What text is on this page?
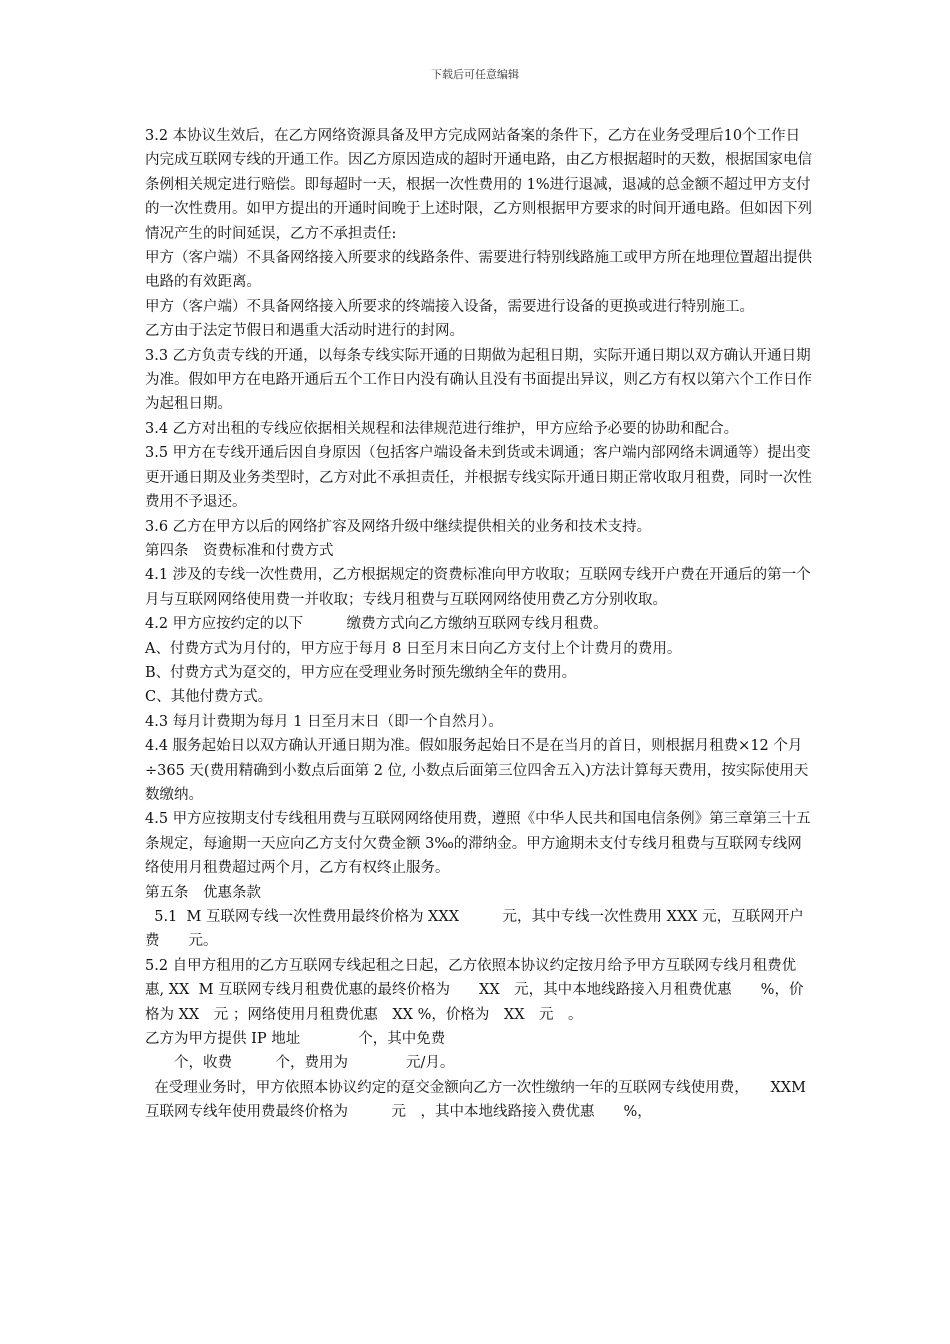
下载后可任意编辑

3.2 本协议生效后，在乙方网络资源具备及甲方完成网站备案的条件下，乙方在业务受理后10个工作日内完成互联网专线的开通工作。因乙方原因造成的超时开通电路，由乙方根据超时的天数，根据国家电信条例相关规定进行赔偿。即每超时一天，根据一次性费用的 1%进行退减，退减的总金额不超过甲方支付的一次性费用。如甲方提出的开通时间晚于上述时限，乙方则根据甲方要求的时间开通电路。但如因下列情况产生的时间延误，乙方不承担责任:

甲方（客户端）不具备网络接入所要求的线路条件、需要进行特别线路施工或甲方所在地理位置超出提供电路的有效距离。

甲方（客户端）不具备网络接入所要求的终端接入设备，需要进行设备的更换或进行特别施工。

乙方由于法定节假日和遇重大活动时进行的封网。

3.3 乙方负责专线的开通，以每条专线实际开通的日期做为起租日期，实际开通日期以双方确认开通日期为准。假如甲方在电路开通后五个工作日内没有确认且没有书面提出异议，则乙方有权以第六个工作日作为起租日期。

3.4 乙方对出租的专线应依据相关规程和法律规范进行维护，甲方应给予必要的协助和配合。

3.5 甲方在专线开通后因自身原因（包括客户端设备未到货或未调通；客户端内部网络未调通等）提出变更开通日期及业务类型时，乙方对此不承担责任，并根据专线实际开通日期正常收取月租费，同时一次性费用不予退还。

3.6 乙方在甲方以后的网络扩容及网络升级中继续提供相关的业务和技术支持。

第四条　资费标准和付费方式

4.1 涉及的专线一次性费用，乙方根据规定的资费标准向甲方收取；互联网专线开户费在开通后的第一个月与互联网网络使用费一并收取；专线月租费与互联网网络使用费乙方分别收取。

4.2 甲方应按约定的以下　　　缴费方式向乙方缴纳互联网专线月租费。

A、付费方式为月付的，甲方应于每月 8 日至月末日向乙方支付上个计费月的费用。

B、付费方式为趸交的，甲方应在受理业务时预先缴纳全年的费用。

C、其他付费方式。

4.3 每月计费期为每月 1 日至月末日（即一个自然月）。

4.4 服务起始日以双方确认开通日期为准。假如服务起始日不是在当月的首日，则根据月租费×12 个月÷365 天(费用精确到小数点后面第 2 位, 小数点后面第三位四舍五入)方法计算每天费用，按实际使用天数缴纳。

4.5 甲方应按期支付专线租用费与互联网网络使用费，遵照《中华人民共和国电信条例》第三章第三十五条规定，每逾期一天应向乙方支付欠费金额 3‰的滞纳金。甲方逾期未支付专线月租费与互联网专线网络使用月租费超过两个月，乙方有权终止服务。

第五条　优惠条款

5.1  M 互联网专线一次性费用最终价格为 XXX　　　元，其中专线一次性费用 XXX 元，互联网开户费　　元。

5.2 自甲方租用的乙方互联网专线起租之日起，乙方依照本协议约定按月给予甲方互联网专线月租费优惠, XX  M 互联网专线月租费优惠的最终价格为　　XX　元，其中本地线路接入月租费优惠　　%，价格为 XX　元 ；网络使用月租费优惠　XX %，价格为　XX　元　。

乙方为甲方提供 IP 地址　　　　个，其中免费

　　个，收费　　　个，费用为　　　　元/月。

在受理业务时，甲方依照本协议约定的趸交金额向乙方一次性缴纳一年的互联网专线使用费，　　XXM 互联网专线年使用费最终价格为　　　元　，其中本地线路接入费优惠　　%，
